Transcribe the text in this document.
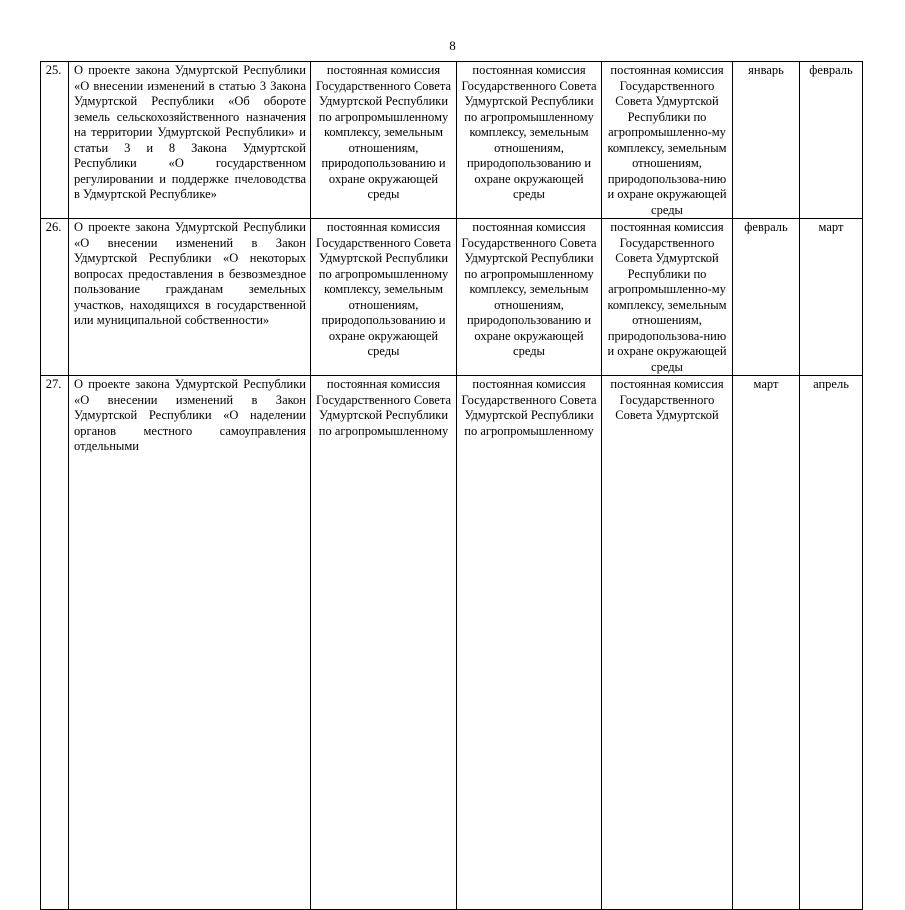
8
25.	О проекте закона Удмуртской Республики «О внесении изменений в статью 3 Закона Удмуртской Республики «Об обороте земель сельскохозяйственного назначения на территории Удмуртской Республики» и статьи 3 и 8 Закона Удмуртской Республики «О государственном регулировании и поддержке пчеловодства в Удмуртской Республике»	постоянная комиссия Государственного Совета Удмуртской Республики по агропромышленному комплексу, земельным отношениям, природопользованию и охране окружающей среды	постоянная комиссия Государственного Совета Удмуртской Республики по агропромышленному комплексу, земельным отношениям, природопользованию и охране окружающей среды	постоянная комиссия Государственного Совета Удмуртской Республики по агропромышленно-му комплексу, земельным отношениям, природопользова-нию и охране окружающей среды	январь	февраль
26.	О проекте закона Удмуртской Республики «О внесении изменений в Закон Удмуртской Республики «О некоторых вопросах предоставления в безвозмездное пользование гражданам земельных участков, находящихся в государственной или муниципальной собственности»	постоянная комиссия Государственного Совета Удмуртской Республики по агропромышленному комплексу, земельным отношениям, природопользованию и охране окружающей среды	постоянная комиссия Государственного Совета Удмуртской Республики по агропромышленному комплексу, земельным отношениям, природопользованию и охране окружающей среды	постоянная комиссия Государственного Совета Удмуртской Республики по агропромышленно-му комплексу, земельным отношениям, природопользова-нию и охране окружающей среды	февраль	март
27.	О проекте закона Удмуртской Республики «О внесении изменений в Закон Удмуртской Республики «О наделении органов местного самоуправления отдельными	постоянная комиссия Государственного Совета Удмуртской Республики по агропромышленному	постоянная комиссия Государственного Совета Удмуртской Республики по агропромышленному	постоянная комиссия Государственного Совета Удмуртской	март	апрель
